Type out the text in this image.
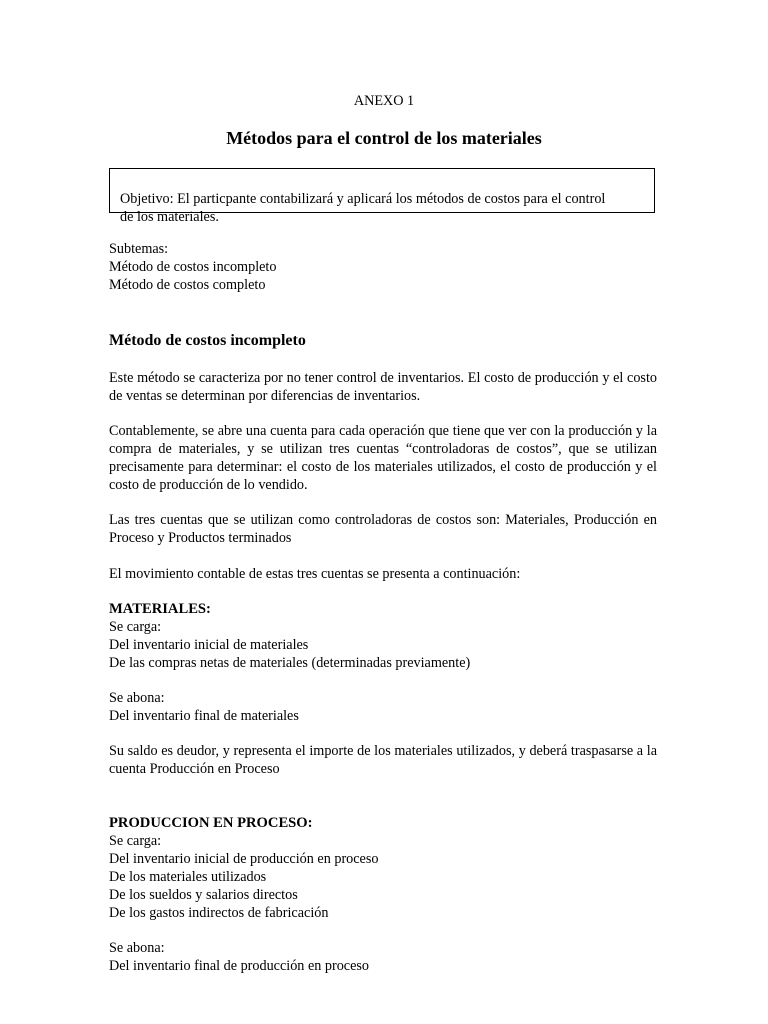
ANEXO 1

Métodos para el control de los materiales

Objetivo: El particpante contabilizará y aplicará los métodos de costos para el control de los materiales.

Subtemas:
Método de costos incompleto
Método de costos completo
Método de costos incompleto

Este método se caracteriza por no tener control de inventarios. El costo de producción y el costo de ventas se determinan por diferencias de inventarios.

Contablemente, se abre una cuenta para cada operación que tiene que ver con la producción y la compra de materiales, y se utilizan tres cuentas “controladoras de costos”, que se utilizan precisamente para determinar: el costo de los materiales utilizados, el costo de producción y el costo de producción de lo vendido.

Las tres cuentas que se utilizan como controladoras de costos son: Materiales, Producción en Proceso y Productos terminados

El movimiento contable de estas tres cuentas se presenta a continuación:

MATERIALES:
Se carga:
Del inventario inicial de materiales
De las compras netas de materiales (determinadas previamente)
Se abona:
Del inventario final de materiales

Su saldo es deudor, y representa el importe de los materiales utilizados, y deberá traspasarse a la cuenta Producción en Proceso

PRODUCCION EN PROCESO:
Se carga:
Del inventario inicial de producción en proceso
De los materiales utilizados
De los sueldos y salarios directos
De los gastos indirectos de fabricación
Se abona:
Del inventario final de producción en proceso
